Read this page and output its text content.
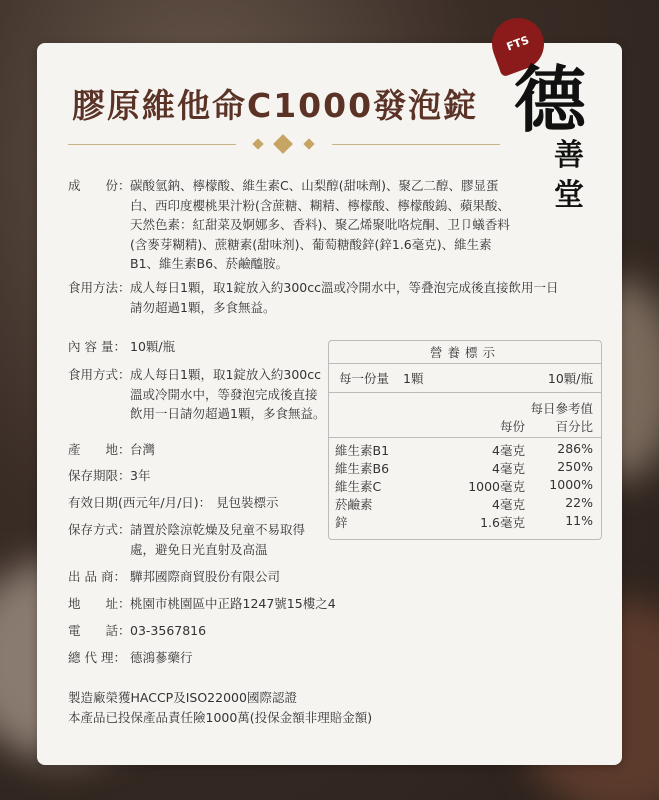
膠原維他命C1000發泡錠
FTS
德
善
堂
成　　份： 碳酸氫鈉、檸檬酸、維生素C、山梨醇(甜味劑)、聚乙二醇、膠显蛋白、西印度櫻桃果汁粉(含蔗糖、糊精、檸檬酸、檸檬酸鎢、蘋果酸、天然色素：紅甜菜及婀娜多、香料)、聚乙烯聚吡咯烷酮、卫卩蟻香料(含麥芽糊精)、蔗糖素(甜味剂)、葡萄糖酸鋅(鋅1.6毫克)、維生素B1、維生素B6、菸鹼醯胺。
食用方法： 成人每日1顆，取1錠放入約300cc溫或冷開水中，等叠泡完成後直接飲用一日請勿超過1顆，多食無益。
內 容 量： 10顆/瓶
食用方式： 成人每日1顆，取1錠放入約300cc溫或冷開水中，等發泡完成後直接飲用一日請勿超過1顆，多食無益。
產　　地： 台灣
保存期限： 3年
有效日期(西元年/月/日)： 見包裝標示
保存方式： 請置於陰涼乾燥及兒童不易取得處，避免日光直射及高温
出 品 商： 驊邦國際商貿股份有限公司
地　　址： 桃園市桃園區中正路1247號15樓之4
電　　話： 03-3567816
總 代 理： 德鴻蔘藥行
製造廠榮獲HACCP及ISO22000國際認證
本產品已投保產品責任險1000萬(投保金額非理賠金額)
營養標示
每一份量 1顆	10顆/瓶
每日參考值
每份 百分比
維生素B1	4毫克	286%
維生素B6	4毫克	250%
維生素C	1000毫克 1000%
菸鹼素	4毫克	22%
鋅	1.6毫克	11%
